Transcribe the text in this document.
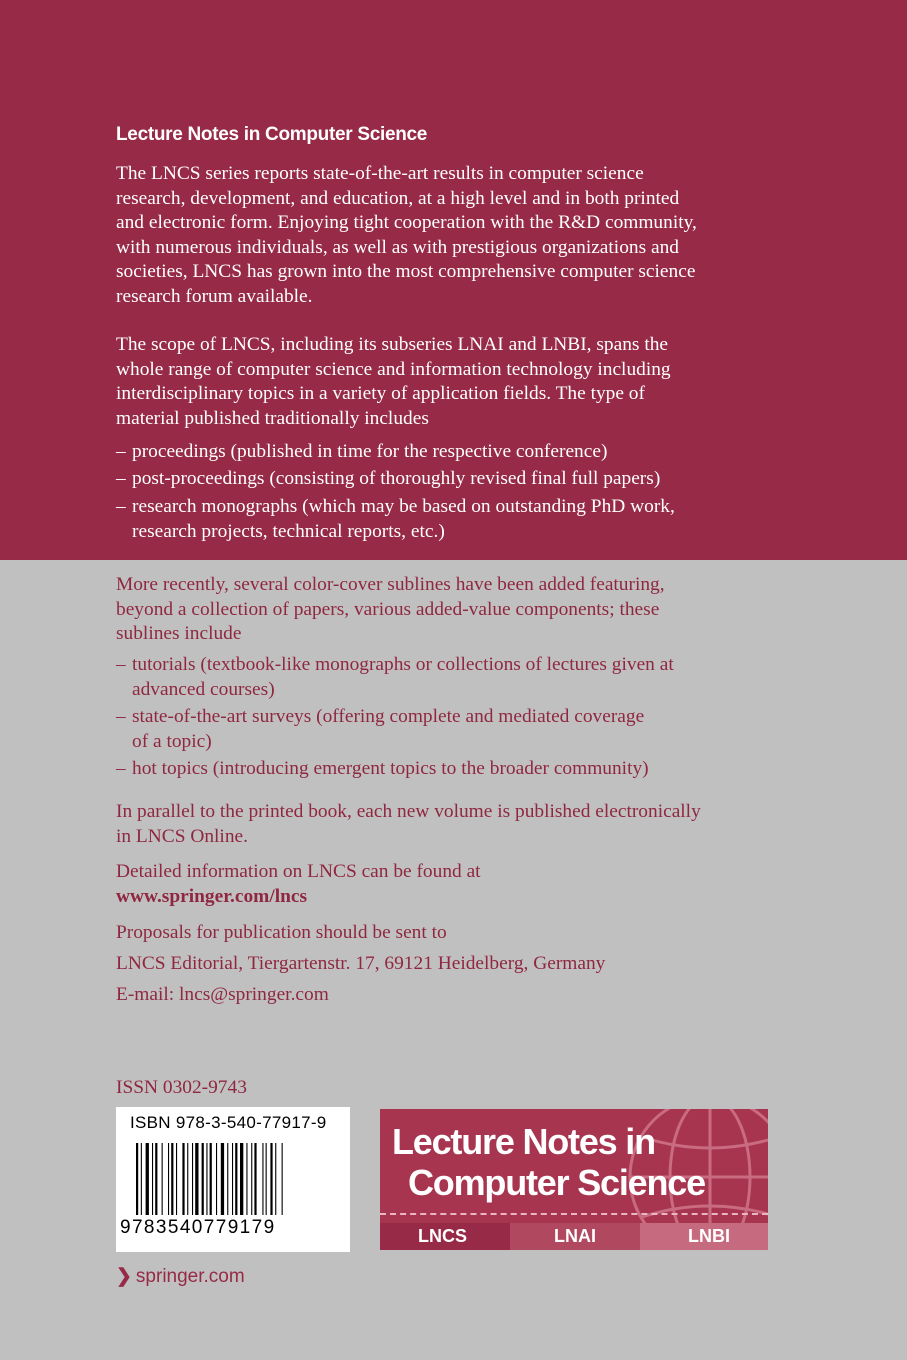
Lecture Notes in Computer Science
The LNCS series reports state-of-the-art results in computer science
research, development, and education, at a high level and in both printed
and electronic form. Enjoying tight cooperation with the R&D community,
with numerous individuals, as well as with prestigious organizations and
societies, LNCS has grown into the most comprehensive computer science
research forum available.
The scope of LNCS, including its subseries LNAI and LNBI, spans the
whole range of computer science and information technology including
interdisciplinary topics in a variety of application fields. The type of
material published traditionally includes
– proceedings (published in time for the respective conference)
– post-proceedings (consisting of thoroughly revised final full papers)
– research monographs (which may be based on outstanding PhD work,
research projects, technical reports, etc.)
More recently, several color-cover sublines have been added featuring,
beyond a collection of papers, various added-value components; these
sublines include
– tutorials (textbook-like monographs or collections of lectures given at
advanced courses)
– state-of-the-art surveys (offering complete and mediated coverage
of a topic)
– hot topics (introducing emergent topics to the broader community)
In parallel to the printed book, each new volume is published electronically
in LNCS Online.
Detailed information on LNCS can be found at
www.springer.com/lncs
Proposals for publication should be sent to
LNCS Editorial, Tiergartenstr. 17, 69121 Heidelberg, Germany
E-mail: lncs@springer.com
ISSN 0302-9743
ISBN 978-3-540-77917-9
9783540779179
Lecture Notes in
Computer Science
LNCS	LNAI	LNBI
❯ springer.com
